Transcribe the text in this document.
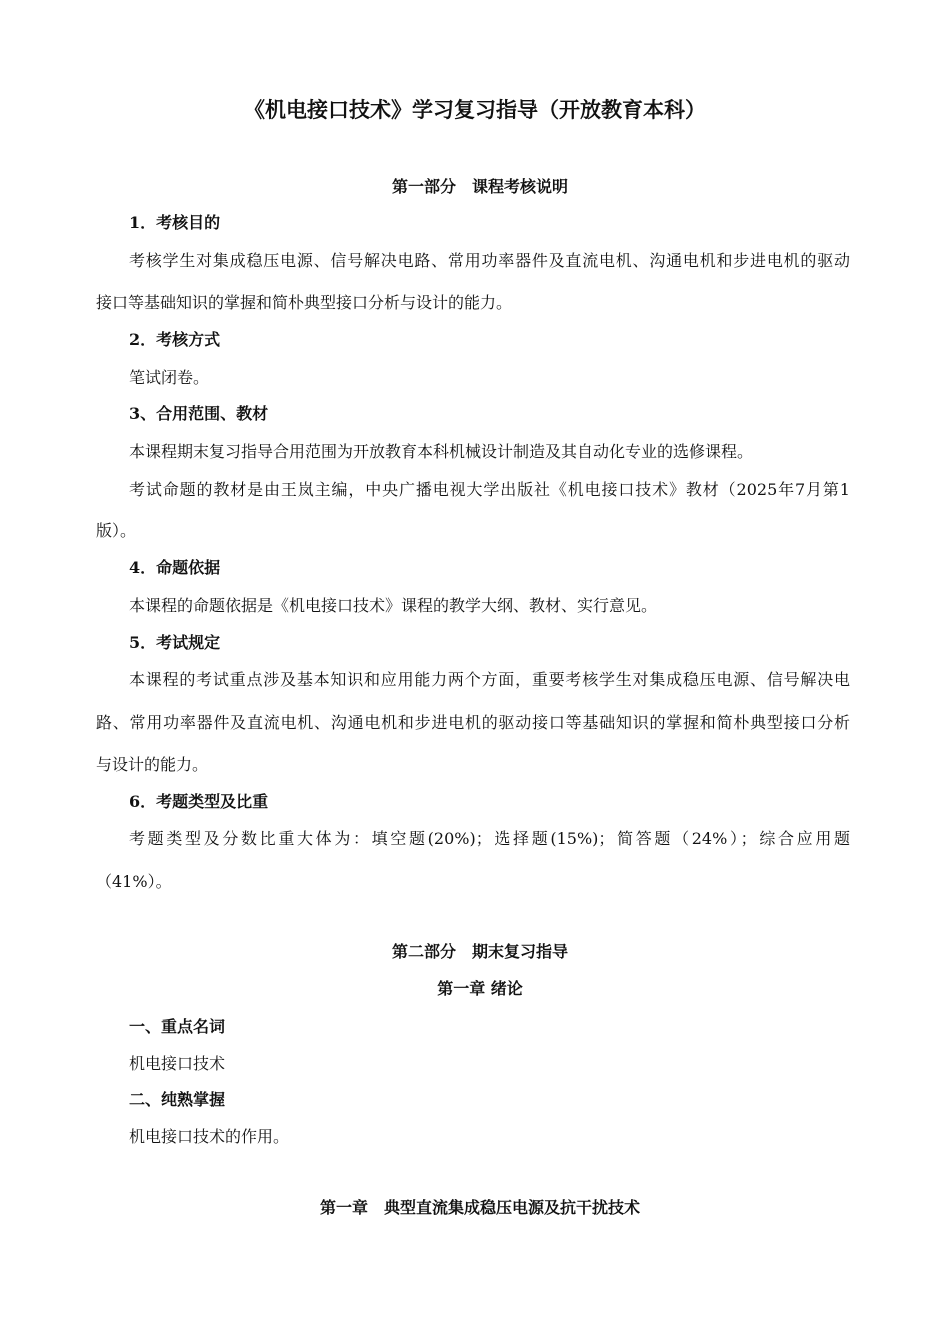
《机电接口技术》学习复习指导（开放教育本科）
第一部分　课程考核说明
1．考核目的
考核学生对集成稳压电源、信号解决电路、常用功率器件及直流电机、沟通电机和步进电机的驱动
接口等基础知识的掌握和简朴典型接口分析与设计的能力。
2．考核方式
笔试闭卷。
3、合用范围、教材
本课程期末复习指导合用范围为开放教育本科机械设计制造及其自动化专业的选修课程。
考试命题的教材是由王岚主编，中央广播电视大学出版社《机电接口技术》教材（2025年7月第1
版）。
4．命题依据
本课程的命题依据是《机电接口技术》课程的教学大纲、教材、实行意见。
5．考试规定
本课程的考试重点涉及基本知识和应用能力两个方面，重要考核学生对集成稳压电源、信号解决电
路、常用功率器件及直流电机、沟通电机和步进电机的驱动接口等基础知识的掌握和简朴典型接口分析
与设计的能力。
6．考题类型及比重
考题类型及分数比重大体为：填空题(20%)；选择题(15%)；简答题（24%）；综合应用题
（41%）。
第二部分　期末复习指导
第一章 绪论
一、重点名词
机电接口技术
二、纯熟掌握
机电接口技术的作用。
第一章　典型直流集成稳压电源及抗干扰技术
